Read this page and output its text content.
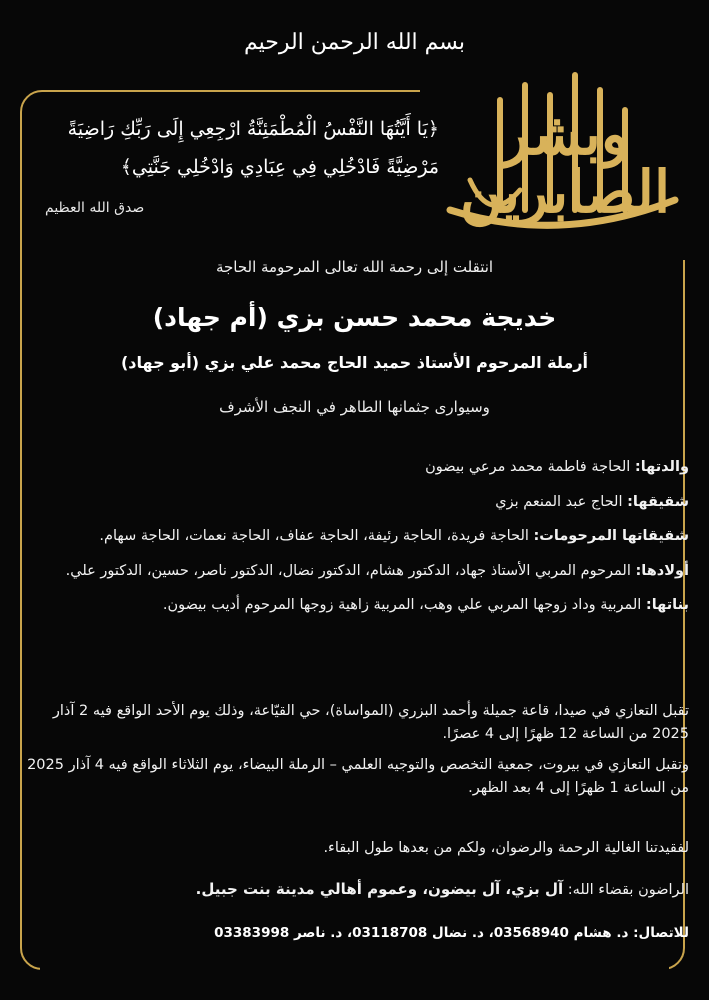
بسم الله الرحمن الرحيم
وبشر الصابرين
﴿يَا أَيَّتُهَا النَّفْسُ الْمُطْمَئِنَّةُ ارْجِعِي إِلَى رَبِّكِ رَاضِيَةً
مَرْضِيَّةً فَادْخُلِي فِي عِبَادِي وَادْخُلِي جَنَّتِي﴾
صدق الله العظيم
انتقلت إلى رحمة الله تعالى المرحومة الحاجة
خديجة محمد حسن بزي (أم جهاد)
أرملة المرحوم الأستاذ حميد الحاج محمد علي بزي (أبو جهاد)
وسيوارى جثمانها الطاهر في النجف الأشرف

والدتها: الحاجة فاطمة محمد مرعي بيضون

شقيقها: الحاج عبد المنعم بزي

شقيقاتها المرحومات: الحاجة فريدة، الحاجة رئيفة، الحاجة عفاف، الحاجة نعمات، الحاجة سهام.

أولادها: المرحوم المربي الأستاذ جهاد، الدكتور هشام، الدكتور نضال، الدكتور ناصر، حسين، الدكتور علي.

بناتها: المربية وداد زوجها المربي علي وهب، المربية زاهية زوجها المرحوم أديب بيضون.

تقبل التعازي في صيدا، قاعة جميلة وأحمد البزري (المواساة)، حي القيّاعة، وذلك يوم الأحد الواقع فيه 2 آذار 2025 من الساعة 12 ظهرًا إلى 4 عصرًا.

وتقبل التعازي في بيروت، جمعية التخصص والتوجيه العلمي – الرملة البيضاء، يوم الثلاثاء الواقع فيه 4 آذار 2025 من الساعة 1 ظهرًا إلى 4 بعد الظهر.

لفقيدتنا الغالية الرحمة والرضوان، ولكم من بعدها طول البقاء.
الراضون بقضاء الله: آل بزي، آل بيضون، وعموم أهالي مدينة بنت جبيل.
للاتصال: د. هشام 03568940، د. نضال 03118708، د. ناصر 03383998
